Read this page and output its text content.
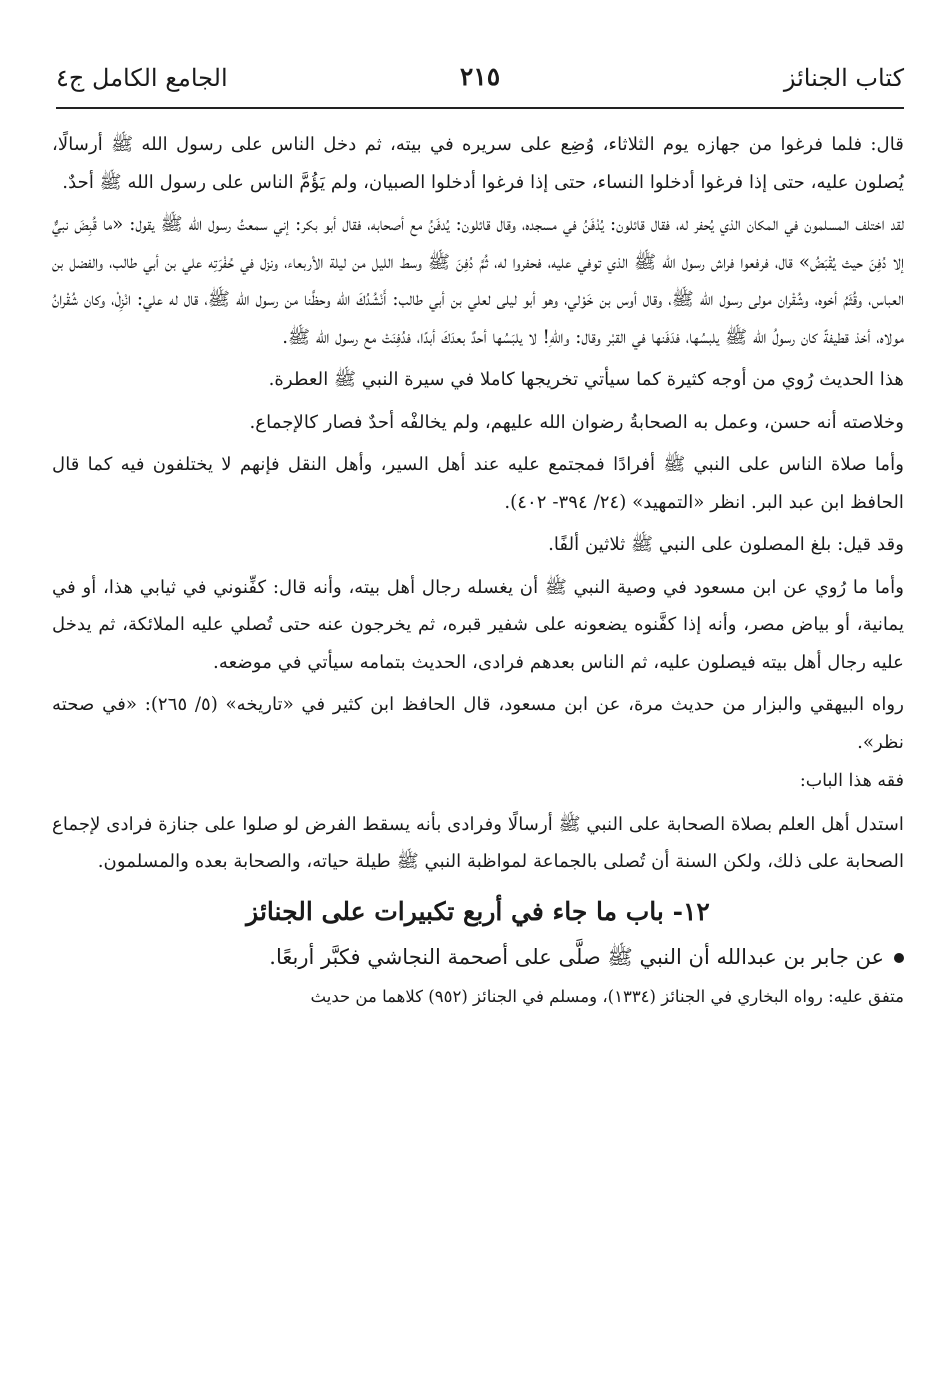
كتاب الجنائز
٢١٥
الجامع الكامل ج٤

قال: فلما فرغوا من جهازه يوم الثلاثاء، وُضِع على سريره في بيته، ثم دخل الناس على رسول الله ﷺ أرسالًا، يُصلون عليه، حتى إذا فرغوا أدخلوا النساء، حتى إذا فرغوا أدخلوا الصبيان، ولم يَؤُمَّ الناس على رسول الله ﷺ أحدٌ.

لقد اختلف المسلمون في المكان الذي يُحفر له، فقال قائلون: يُدْفَنُ في مسجده، وقال قائلون: يُدفَنُ مع أصحابه، فقال أبو بكر: إني سمعتُ رسول الله ﷺ يقول: «ما قُبِضَ نبيٌّ إلا دُفِنَ حيث يُقْبَضُ» قال، فرفعوا فراش رسول الله ﷺ الذي توفي عليه، فحفروا له، ثُمَّ دُفِنَ ﷺ وسط الليل من ليلة الأربعاء، ونزل في حُفْرَتِه علي بن أبي طالب، والفضل بن العباس، وقُثَمُ أخوه، وشُقْران مولى رسول الله ﷺ، وقال أوس بن خَوْلي، وهو أبو ليلى لعلي بن أبي طالب: أَنْشُدُكَ الله وحظَّنا من رسول الله ﷺ، قال له علي: انْزِلْ، وكان شُقْرانُ مولاه، أخذ قطيفةً كان رسولُ الله ﷺ يلبسُها، فدَفَنها في القبْر وقال: واللهِ! لا يلبَسُها أحدٌ بعدَكَ أبدًا، فدُفِنَتْ مع رسول الله ﷺ.

هذا الحديث رُوي من أوجه كثيرة كما سيأتي تخريجها كاملا في سيرة النبي ﷺ العطرة.

وخلاصته أنه حسن، وعمل به الصحابةُ رضوان الله عليهم، ولم يخالفْه أحدٌ فصار كالإجماع.

وأما صلاة الناس على النبي ﷺ أفرادًا فمجتمع عليه عند أهل السير، وأهل النقل فإنهم لا يختلفون فيه كما قال الحافظ ابن عبد البر. انظر «التمهيد» (٢٤/ ٣٩٤- ٤٠٢).

وقد قيل: بلغ المصلون على النبي ﷺ ثلاثين ألفًا.

وأما ما رُوي عن ابن مسعود في وصية النبي ﷺ أن يغسله رجال أهل بيته، وأنه قال: كفِّنوني في ثيابي هذا، أو في يمانية، أو بياض مصر، وأنه إذا كفَّنوه يضعونه على شفير قبره، ثم يخرجون عنه حتى تُصلي عليه الملائكة، ثم يدخل عليه رجال أهل بيته فيصلون عليه، ثم الناس بعدهم فرادى، الحديث بتمامه سيأتي في موضعه.

رواه البيهقي والبزار من حديث مرة، عن ابن مسعود، قال الحافظ ابن كثير في «تاريخه» (٥/ ٢٦٥): «في صحته نظر».

فقه هذا الباب:

استدل أهل العلم بصلاة الصحابة على النبي ﷺ أرسالًا وفرادى بأنه يسقط الفرض لو صلوا على جنازة فرادى لإجماع الصحابة على ذلك، ولكن السنة أن تُصلى بالجماعة لمواظبة النبي ﷺ طيلة حياته، والصحابة بعده والمسلمون.

١٢- باب ما جاء في أربع تكبيرات على الجنائز

عن جابر بن عبدالله أن النبي ﷺ صلَّى على أصحمة النجاشي فكبَّر أربعًا.

متفق عليه: رواه البخاري في الجنائز (١٣٣٤)، ومسلم في الجنائز (٩٥٢) كلاهما من حديث
